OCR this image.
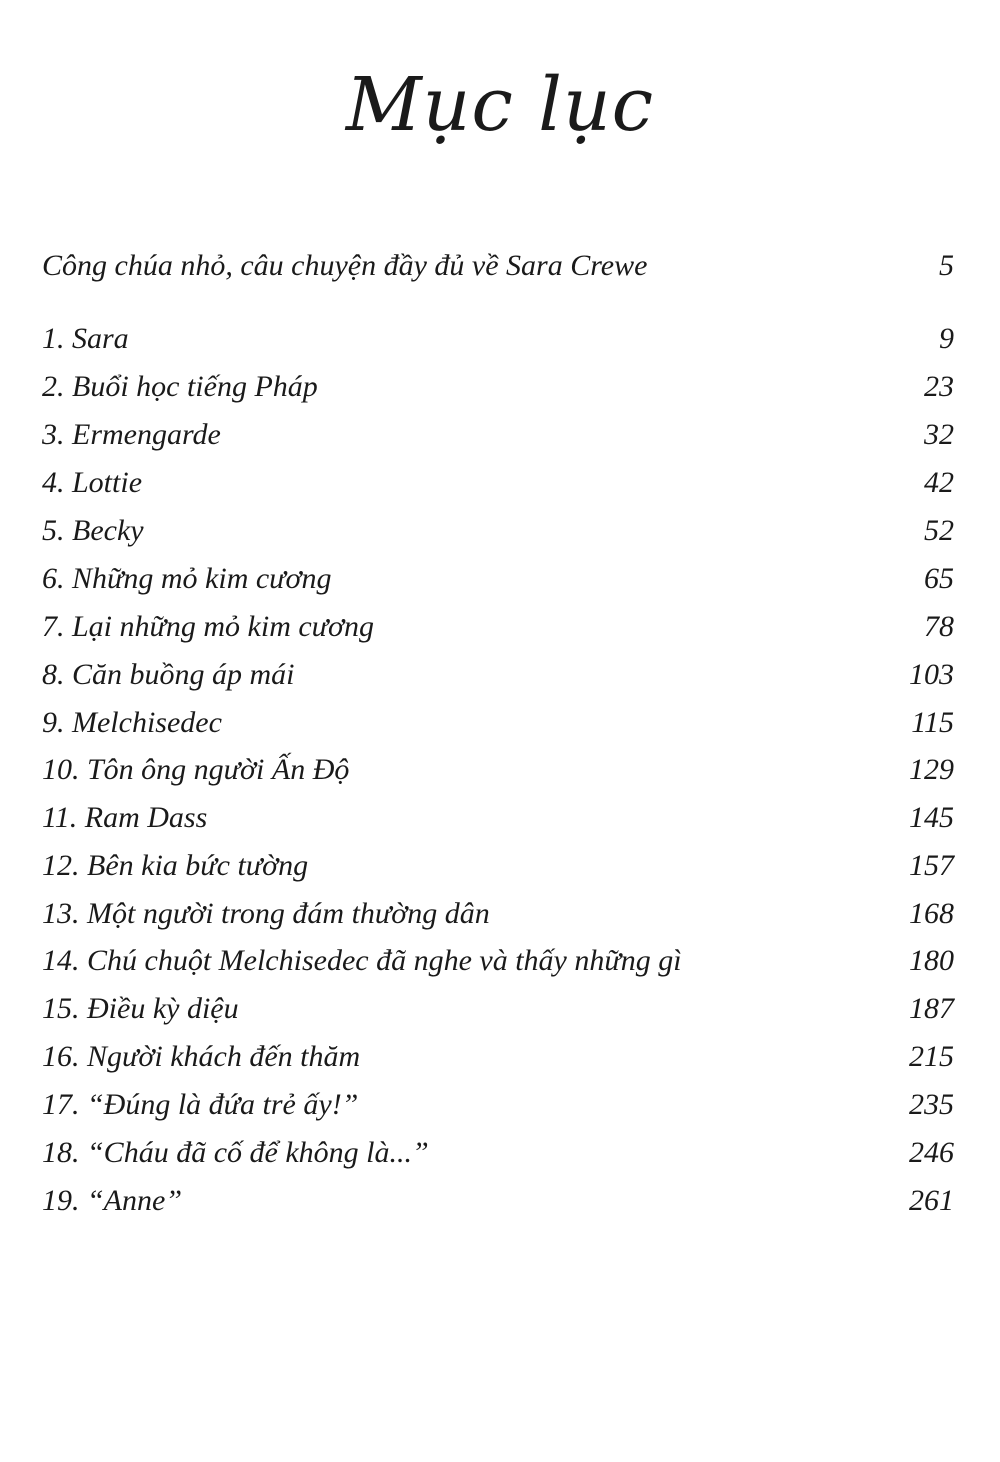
Mục lục
Công chúa nhỏ, câu chuyện đầy đủ về Sara Crewe	5
1. Sara	9
2. Buổi học tiếng Pháp	23
3. Ermengarde	32
4. Lottie	42
5. Becky	52
6. Những mỏ kim cương	65
7. Lại những mỏ kim cương	78
8. Căn buồng áp mái	103
9. Melchisedec	115
10. Tôn ông người Ấn Độ	129
11. Ram Dass	145
12. Bên kia bức tường	157
13. Một người trong đám thường dân	168
14. Chú chuột Melchisedec đã nghe và thấy những gì	180
15. Điều kỳ diệu	187
16. Người khách đến thăm	215
17. “Đúng là đứa trẻ ấy!”	235
18. “Cháu đã cố để không là...”	246
19. “Anne”	261
